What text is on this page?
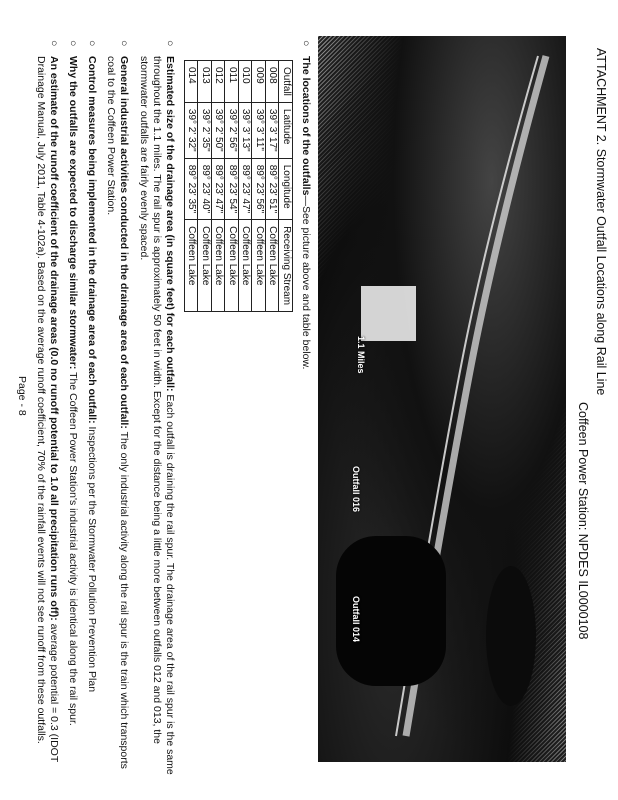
ATTACHMENT 2. Stormwater Outfall Locations along Rail Line
Coffeen Power Station: NPDES IL0000108
1.1 Miles
Outfall 016
Outfall 014

○
The locations of the outfalls—See picture above and table below.

Outfall	Latitude	Longitude	Receiving Stream
008	39° 3' 17"	89° 23' 51"	Coffeen Lake
009	39° 3' 11"	89° 23' 56"	Coffeen Lake
010	39° 3' 13"	89° 23' 47"	Coffeen Lake
011	39° 2' 56"	89° 23' 54"	Coffeen Lake
012	39° 2' 50"	89° 23' 47"	Coffeen Lake
013	39° 2' 35"	89° 23' 40"	Coffeen Lake
014	39° 2' 32"	89° 23' 35"	Coffeen Lake

○
Estimated size of the drainage area (in square feet) for each outfall: Each outfall is draining the rail spur. The drainage area of the rail spur is the same throughout the 1.1 miles. The rail spur is approximately 50 feet in width. Except for the distance being a little more between outfalls 012 and 013, the stormwater outfalls are fairly evenly spaced.

○
General industrial activities conducted in the drainage area of each outfall: The only industrial activity along the rail spur is the train which transports coal to the Coffeen Power Station.

○
Control measures being implemented in the drainage area of each outfall: Inspections per the Stormwater Pollution Prevention Plan

○
Why the outfalls are expected to discharge similar stormwater: The Coffeen Power Station's industrial activity is identical along the rail spur.

○
An estimate of the runoff coefficient of the drainage areas (0.0 no runoff potential to 1.0 all precipitation runs off): average potential = 0.3 (IDOT Drainage Manual, July 2011, Table 4-102a). Based on the average runoff coefficient, 70% of the rainfall events will not see runoff from these outfalls.

Page - 8
